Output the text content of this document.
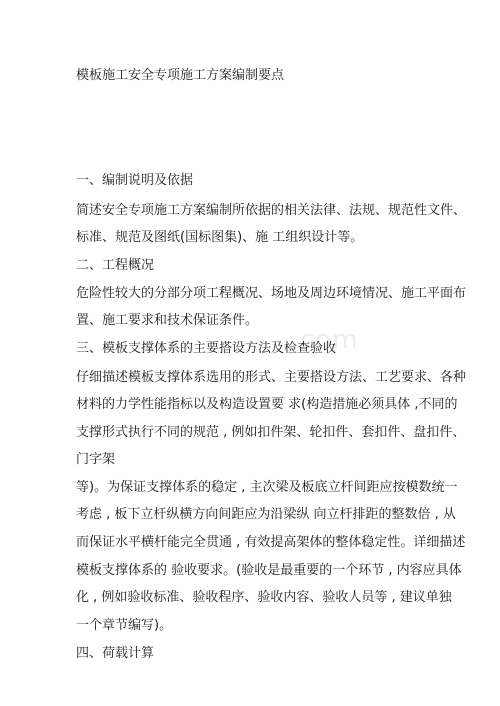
com
模板施工安全专项施工方案编制要点
一、编制说明及依据
简述安全专项施工方案编制所依据的相关法律、法规、规范性文件、
标准、规范及图纸(国标图集)、施 工组织设计等。
二、工程概况
危险性较大的分部分项工程概况、场地及周边环境情况、施工平面布
置、施工要求和技术保证条件。
三、模板支撑体系的主要搭设方法及检查验收
仔细描述模板支撑体系选用的形式、主要搭设方法、工艺要求、各种
材料的力学性能指标以及构造设置要 求(构造措施必须具体 ,不同的
支撑形式执行不同的规范 , 例如扣件架、轮扣件、套扣件、盘扣件、
门字架
等)。为保证支撑体系的稳定 , 主次梁及板底立杆间距应按模数统一
考虑 , 板下立杆纵横方向间距应为沿梁纵 向立杆排距的整数倍 , 从
而保证水平横杆能完全贯通 , 有效提高架体的整体稳定性。详细描述
模板支撑体系的 验收要求。(验收是最重要的一个环节 , 内容应具体
化 , 例如验收标准、验收程序、验收内容、验收人员等 , 建议单独
一个章节编写)。
四、荷载计算
